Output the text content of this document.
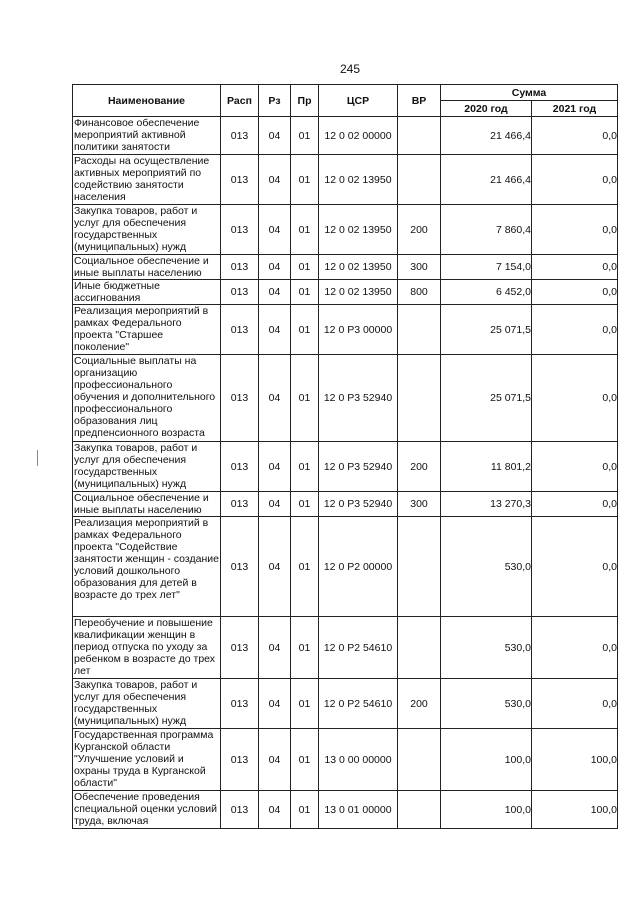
245
Наименование	Расп	Рз	Пр	ЦСР	ВР	Сумма	
						2020 год	2021 год
Финансовое обеспечение мероприятий активной политики занятости	013	04	01	12 0 02 00000		21 466,4	0,0
Расходы на осуществление активных мероприятий по содействию занятости населения	013	04	01	12 0 02 13950		21 466,4	0,0
Закупка товаров, работ и услуг для обеспечения государственных (муниципальных) нужд	013	04	01	12 0 02 13950	200	7 860,4	0,0
Социальное обеспечение и иные выплаты населению	013	04	01	12 0 02 13950	300	7 154,0	0,0
Иные бюджетные ассигнования	013	04	01	12 0 02 13950	800	6 452,0	0,0
Реализация мероприятий в рамках Федерального проекта "Старшее поколение"	013	04	01	12 0 Р3 00000		25 071,5	0,0
Социальные выплаты на организацию профессионального обучения и дополнительного профессионального образования лиц предпенсионного возраста	013	04	01	12 0 Р3 52940		25 071,5	0,0
Закупка товаров, работ и услуг для обеспечения государственных (муниципальных) нужд	013	04	01	12 0 Р3 52940	200	11 801,2	0,0
Социальное обеспечение и иные выплаты населению	013	04	01	12 0 Р3 52940	300	13 270,3	0,0
Реализация мероприятий в рамках Федерального проекта "Содействие занятости женщин - создание условий дошкольного образования для детей в возрасте до трех лет"	013	04	01	12 0 Р2 00000		530,0	0,0
Переобучение и повышение квалификации женщин в период отпуска по уходу за ребенком в возрасте до трех лет	013	04	01	12 0 Р2 54610		530,0	0,0
Закупка товаров, работ и услуг для обеспечения государственных (муниципальных) нужд	013	04	01	12 0 Р2 54610	200	530,0	0,0
Государственная программа Курганской области "Улучшение условий и охраны труда в Курганской области"	013	04	01	13 0 00 00000		100,0	100,0
Обеспечение проведения специальной оценки условий труда, включая	013	04	01	13 0 01 00000		100,0	100,0
